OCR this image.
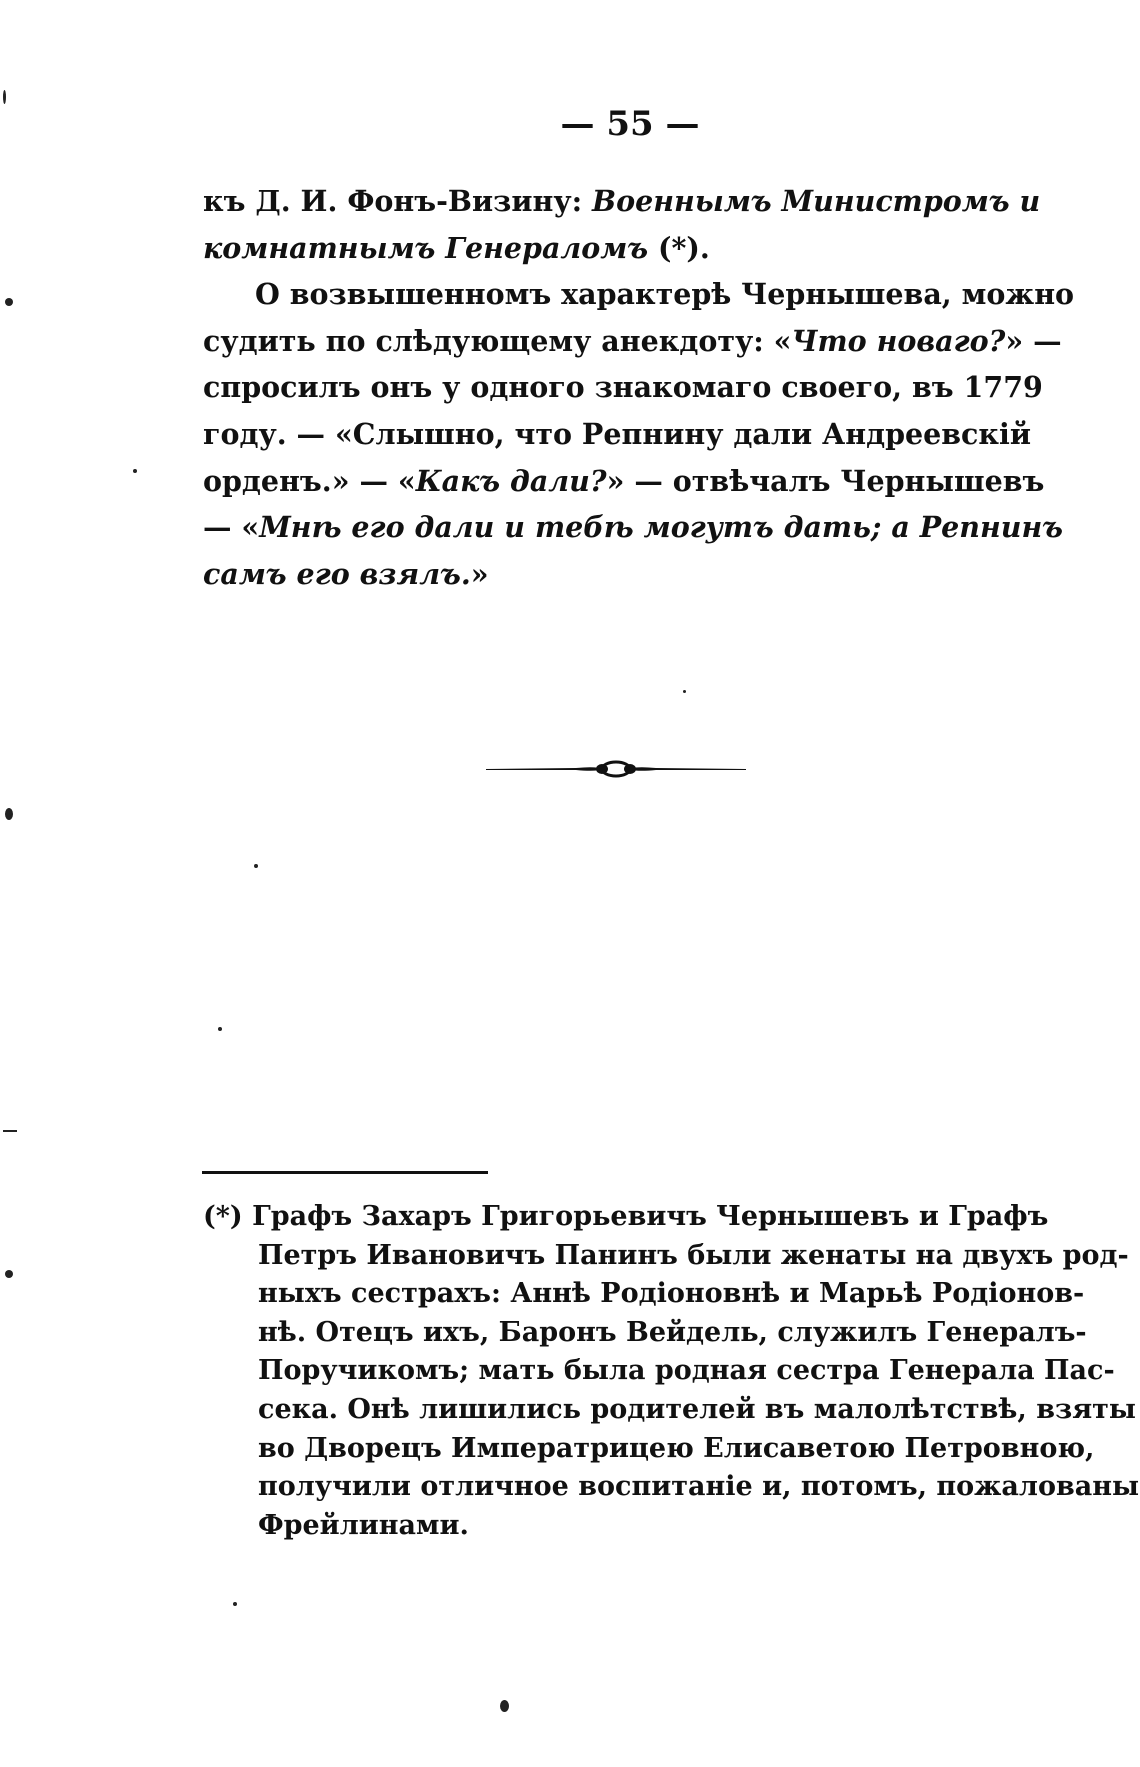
— 55 —
къ Д. И. Фонъ-Визину: Военнымъ Министромъ и
комнатнымъ Генераломъ (*).
О возвышенномъ характерѣ Чернышева, можно
судить по слѣдующему анекдоту: «Что новаго?» —
спросилъ онъ у одного знакомаго своего, въ 1779
году. — «Слышно, что Репнину дали Андреевскій
орденъ.» — «Какъ дали?» — отвѣчалъ Чернышевъ
— «Мнѣ его дали и тебѣ могутъ дать; а Репнинъ
самъ его взялъ.»
(*) Графъ Захаръ Григорьевичъ Чернышевъ и Графъ
Петръ Ивановичъ Панинъ были женаты на двухъ род-
ныхъ сестрахъ: Аннѣ Родіоновнѣ и Марьѣ Родіонов-
нѣ. Отецъ ихъ, Баронъ Вейдель, служилъ Генералъ-
Поручикомъ; мать была родная сестра Генерала Пас-
сека. Онѣ лишились родителей въ малолѣтствѣ, взяты
во Дворецъ Императрицею Елисаветою Петровною,
получили отличное воспитаніе и, потомъ, пожалованы
Фрейлинами.
